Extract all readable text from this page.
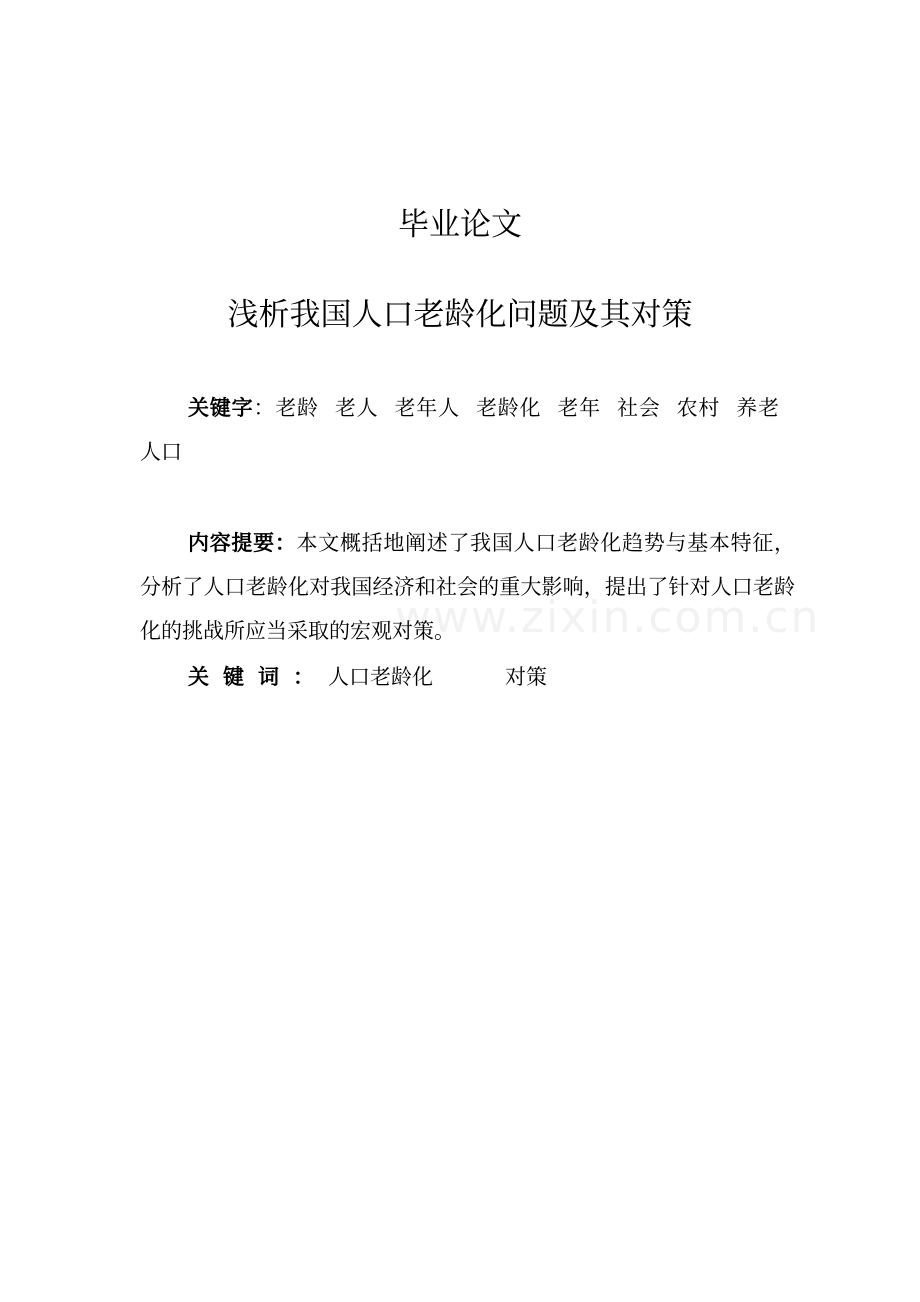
www.zixin.com.cn
毕业论文
浅析我国人口老龄化问题及其对策
关键字：老龄 老人 老年人 老龄化 老年 社会 农村 养老人口
内容提要：本文概括地阐述了我国人口老龄化趋势与基本特征，分析了人口老龄化对我国经济和社会的重大影响，提出了针对人口老龄化的挑战所应当采取的宏观对策。
关键词：人口老龄化	对策
